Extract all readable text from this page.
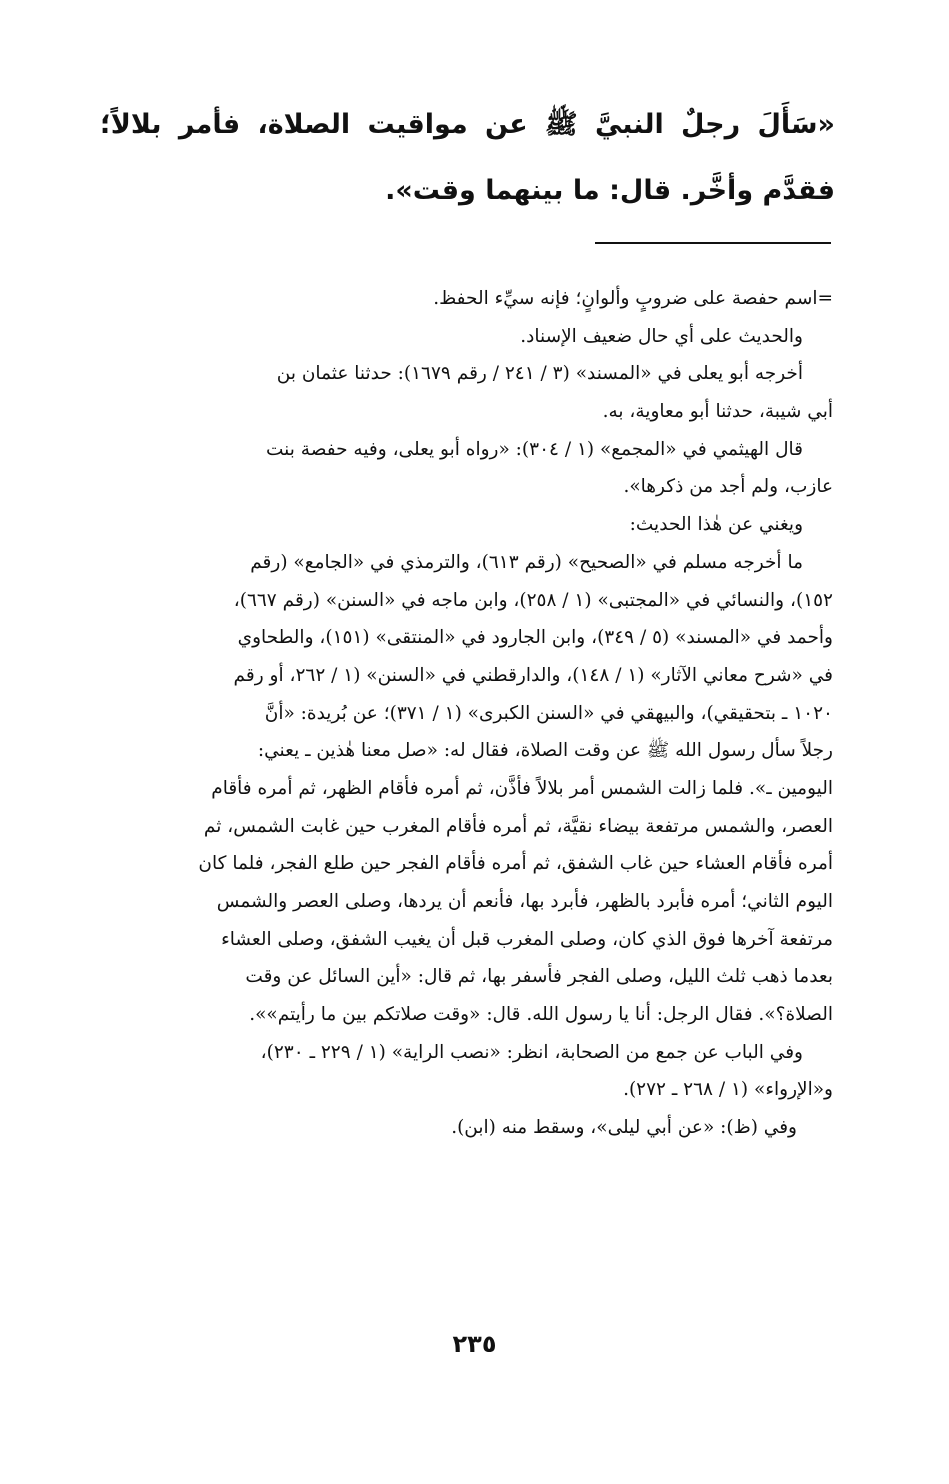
«سَأَلَ رجلٌ النبيَّ ﷺ عن مواقيت الصلاة، فأمر بلالاً؛ فقدَّم وأخَّر. قال: ما بينهما وقت».
=اسم حفصة على ضروبٍ وألوانٍ؛ فإنه سيِّء الحفظ.
والحديث على أي حال ضعيف الإسناد.
أخرجه أبو يعلى في «المسند» (٣ / ٢٤١ / رقم ١٦٧٩): حدثنا عثمان بن
أبي شيبة، حدثنا أبو معاوية، به.
قال الهيثمي في «المجمع» (١ / ٣٠٤): «رواه أبو يعلى، وفيه حفصة بنت
عازب، ولم أجد من ذكرها».
ويغني عن هٰذا الحديث:
ما أخرجه مسلم في «الصحيح» (رقم ٦١٣)، والترمذي في «الجامع» (رقم
١٥٢)، والنسائي في «المجتبى» (١ / ٢٥٨)، وابن ماجه في «السنن» (رقم ٦٦٧)،
وأحمد في «المسند» (٥ / ٣٤٩)، وابن الجارود في «المنتقى» (١٥١)، والطحاوي
في «شرح معاني الآثار» (١ / ١٤٨)، والدارقطني في «السنن» (١ / ٢٦٢، أو رقم
١٠٢٠ ـ بتحقيقي)، والبيهقي في «السنن الكبرى» (١ / ٣٧١)؛ عن بُريدة: «أنَّ
رجلاً سأل رسول الله ﷺ عن وقت الصلاة، فقال له: «صل معنا هٰذين ـ يعني:
اليومين ـ». فلما زالت الشمس أمر بلالاً فأذَّن، ثم أمره فأقام الظهر، ثم أمره فأقام
العصر، والشمس مرتفعة بيضاء نقيَّة، ثم أمره فأقام المغرب حين غابت الشمس، ثم
أمره فأقام العشاء حين غاب الشفق، ثم أمره فأقام الفجر حين طلع الفجر، فلما كان
اليوم الثاني؛ أمره فأبرد بالظهر، فأبرد بها، فأنعم أن يردها، وصلى العصر والشمس
مرتفعة آخرها فوق الذي كان، وصلى المغرب قبل أن يغيب الشفق، وصلى العشاء
بعدما ذهب ثلث الليل، وصلى الفجر فأسفر بها، ثم قال: «أين السائل عن وقت
الصلاة؟». فقال الرجل: أنا يا رسول الله. قال: «وقت صلاتكم بين ما رأيتم»».
وفي الباب عن جمع من الصحابة، انظر: «نصب الراية» (١ / ٢٢٩ ـ ٢٣٠)،
و«الإرواء» (١ / ٢٦٨ ـ ٢٧٢).
وفي (ظ): «عن أبي ليلى»، وسقط منه (ابن).
٢٣٥
